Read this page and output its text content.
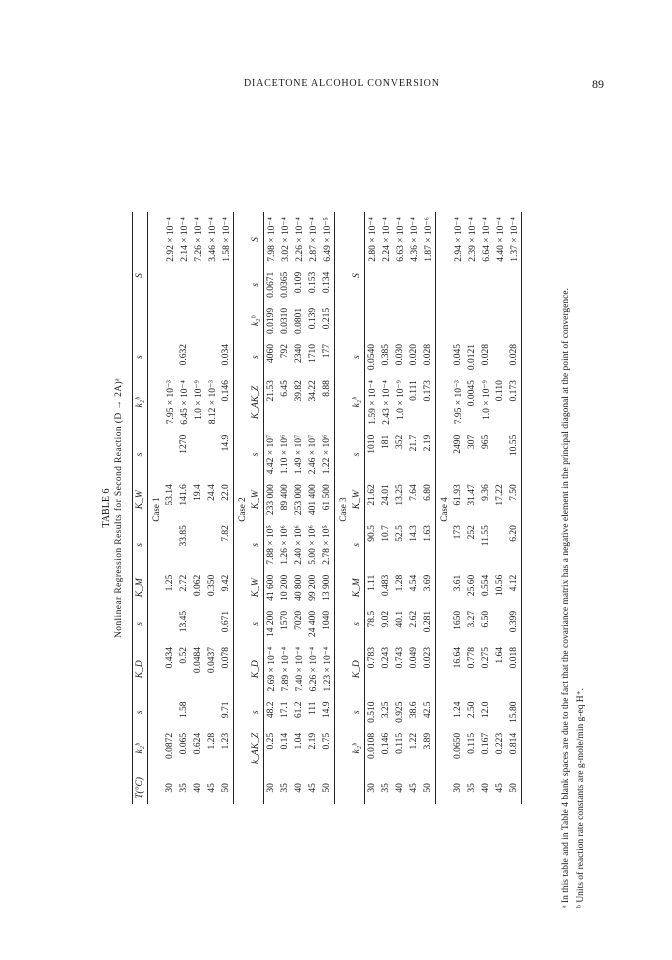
DIACETONE ALCOHOL CONVERSION	89
TABLE 6 Nonlinear Regression Results for Second Reaction (D → 2A)ᵃ
T(°C)	k₂ᵇ	s	K_D	s	K_M	s	K_W	s	k₂ᵇ	s	S		
Case 1													
30	0.0872		0.434		1.25		53.14		7.95 × 10⁻³		2.92 × 10⁻⁴		
35	0.065	1.58	0.52	13.45	2.72	33.85	141.6	1270	6.45 × 10⁻⁴	0.632	2.14 × 10⁻⁴		
40	0.624		0.0484		0.062		19.4		1.0 × 10⁻⁹		7.26 × 10⁻⁴		
45	1.28		0.0437		0.350		24.4		8.12 × 10⁻³		3.46 × 10⁻⁴		
50	1.23	9.71	0.078	0.671	9.42	7.82	22.0	14.9	0.146	0.034	1.58 × 10⁻⁴		
Case 2													
	k_AK_Z	s	K_D	s	K_W	s	K_W	s	K_AK_Z	s	k₂ᵇ	s	S
30	0.25	48.2	2.69 × 10⁻⁴	14 200	41 600	7.88 × 10⁵	233 000	4.42 × 10⁷	21.53	4060	0.0199	0.0671	7.98 × 10⁻⁴
35	0.14	17.1	7.89 × 10⁻⁴	1570	10 200	1.26 × 10⁶	89 400	1.10 × 10⁶	6.45	792	0.0310	0.0365	3.02 × 10⁻⁴
40	1.04	61.2	7.40 × 10⁻⁴	7020	40 800	2.40 × 10⁶	253 000	1.49 × 10⁷	39.82	2340	0.0801	0.109	2.26 × 10⁻⁴
45	2.19	111	6.26 × 10⁻⁴	24 400	99 200	5.00 × 10⁶	401 400	2.46 × 10⁷	34.22	1710	0.139	0.153	2.87 × 10⁻⁴
50	0.75	14.9	1.23 × 10⁻⁴	1040	13 900	2.78 × 10⁵	61 500	1.22 × 10⁶	8.88	177	0.215	0.134	6.49 × 10⁻⁵
Case 3													
	k₂ᵇ	s	K_D	s	K_M	s	K_W	s	k₂ᵇ	s	S		
30	0.0108	0.510	0.783	78.5	1.11	90.5	21.62	1010	1.59 × 10⁻⁴	0.0540	2.80 × 10⁻⁴		
35	0.146	3.25	0.243	9.02	0.483	10.7	24.01	181	2.43 × 10⁻⁴	0.385	2.24 × 10⁻⁴		
40	0.115	0.925	0.743	40.1	1.28	52.5	13.25	352	1.0 × 10⁻⁹	0.030	6.63 × 10⁻⁴		
45	1.22	38.6	0.049	2.62	4.54	14.3	7.64	21.7	0.111	0.020	4.36 × 10⁻⁴		
50	3.89	42.5	0.023	0.281	3.69	1.63	6.80	2.19	0.173	0.028	1.87 × 10⁻⁶		
Case 4													
30	0.0650	1.24	16.64	1650	3.61	173	61.93	2490	7.95 × 10⁻³	0.045	2.94 × 10⁻⁴		
35	0.115	2.50	0.778	3.27	25.60	252	31.47	307	0.0045	0.0121	2.39 × 10⁻⁴		
40	0.167	12.0	0.275	6.50	0.554	11.55	9.36	965	1.0 × 10⁻⁹	0.028	6.64 × 10⁻⁴		
45	0.223		1.64		10.56		17.22		0.110		4.40 × 10⁻⁴		
50	0.814	15.80	0.018	0.399	4.12	6.20	7.50	10.55	0.173	0.028	1.37 × 10⁻⁴		

ᵃ In this table and in Table 4 blank spaces are due to the fact that the covariance matrix has a negative element in the principal diagonal at the point of convergence. ᵇ Units of reaction rate constants are g-mole/min g-eq H⁺.
